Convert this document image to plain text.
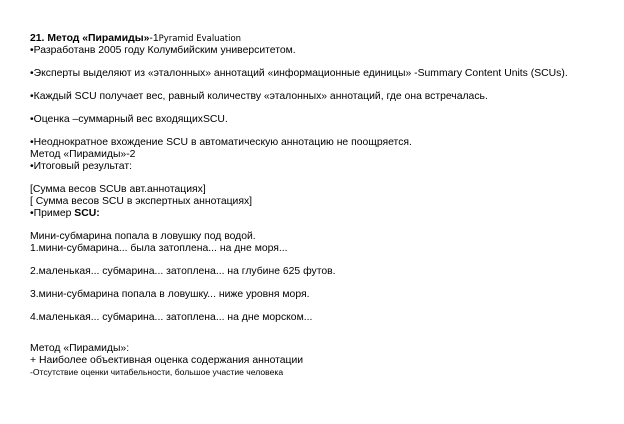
21. Метод «Пирамиды»-1Pyramid Evaluation
•Разработанв 2005 году Колумбийским университетом.
•Эксперты выделяют из «эталонных» аннотаций «информационные единицы» -Summary Content Units (SCUs).
•Каждый SCU получает вес, равный количеству «эталонных» аннотаций, где она встречалась.
•Оценка –суммарный вес входящихSCU.
•Неоднократное вхождение SCU в автоматическую аннотацию не поощряется.
Метод «Пирамиды»-2
•Итоговый результат:
[Сумма весов SCUв авт.аннотациях]
[ Сумма весов SCU в экспертных аннотациях]
•Пример SCU:
Мини-субмарина попала в ловушку под водой.
1.мини-субмарина... была затоплена... на дне моря...
2.маленькая... субмарина... затоплена... на глубине 625 футов.
3.мини-субмарина попала в ловушку... ниже уровня моря.
4.маленькая... субмарина... затоплена... на дне морском...
Метод «Пирамиды»:
+ Наиболее объективная оценка содержания аннотации
-Отсутствие оценки читабельности, большое участие человека
